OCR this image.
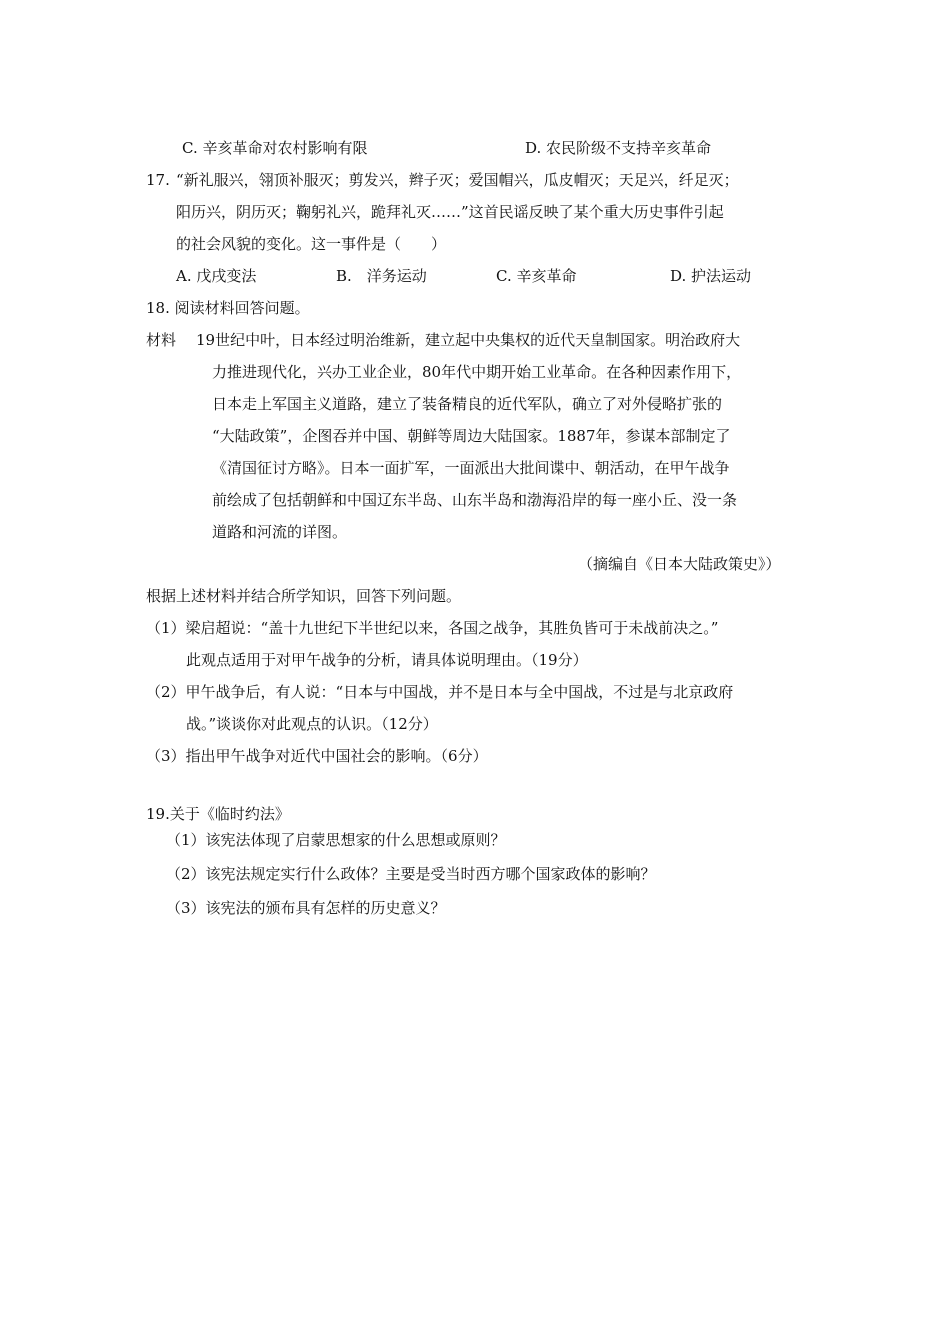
C. 辛亥革命对农村影响有限	D. 农民阶级不支持辛亥革命
17. “新礼服兴，翎顶补服灭；剪发兴，辫子灭；爱国帽兴，瓜皮帽灭；天足兴，纤足灭；
阳历兴，阴历灭；鞠躬礼兴，跪拜礼灭……”这首民谣反映了某个重大历史事件引起
的社会风貌的变化。这一事件是（　　）
A. 戊戌变法	B.　洋务运动	C. 辛亥革命	D. 护法运动
18. 阅读材料回答问题。
材料 19世纪中叶，日本经过明治维新，建立起中央集权的近代天皇制国家。明治政府大
力推进现代化，兴办工业企业，80年代中期开始工业革命。在各种因素作用下，
日本走上军国主义道路，建立了装备精良的近代军队，确立了对外侵略扩张的
“大陆政策”，企图吞并中国、朝鲜等周边大陆国家。1887年，参谋本部制定了
《清国征讨方略》。日本一面扩军，一面派出大批间谍中、朝活动，在甲午战争
前绘成了包括朝鲜和中国辽东半岛、山东半岛和渤海沿岸的每一座小丘、没一条
道路和河流的详图。
（摘编自《日本大陆政策史》）
根据上述材料并结合所学知识，回答下列问题。
（1）梁启超说：“盖十九世纪下半世纪以来，各国之战争，其胜负皆可于未战前决之。”
此观点适用于对甲午战争的分析，请具体说明理由。（19分）
（2）甲午战争后，有人说：“日本与中国战，并不是日本与全中国战，不过是与北京政府
战。”谈谈你对此观点的认识。（12分）
（3）指出甲午战争对近代中国社会的影响。（6分）
19.关于《临时约法》
（1）该宪法体现了启蒙思想家的什么思想或原则？
（2）该宪法规定实行什么政体？主要是受当时西方哪个国家政体的影响？
（3）该宪法的颁布具有怎样的历史意义？
